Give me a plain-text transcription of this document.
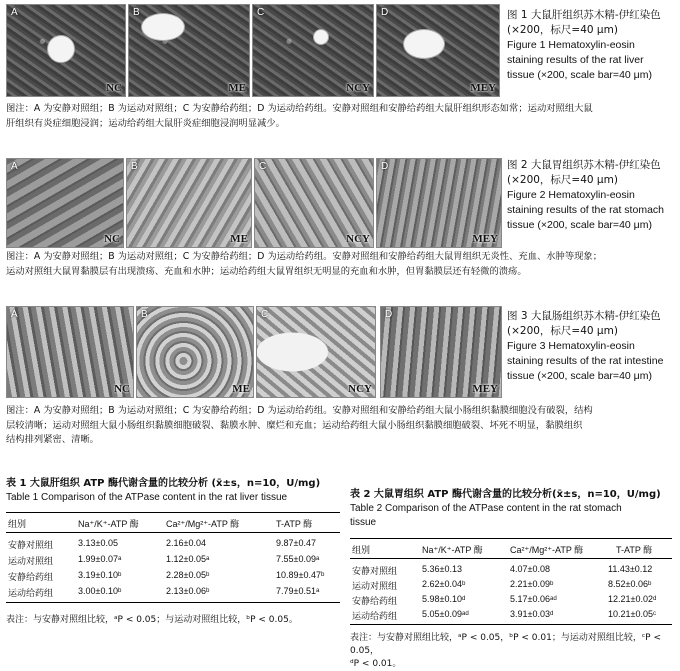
A
NC
B
ME
C
NCY
D
MEY
图 1 大鼠肝组织苏木精-伊红染色
(×200，标尺=40 μm)
Figure 1 Hematoxylin-eosin
staining results of the rat liver
tissue (×200, scale bar=40 μm)
图注：A 为安静对照组；B 为运动对照组；C 为安静给药组；D 为运动给药组。安静对照组和安静给药组大鼠肝组织形态如常；运动对照组大鼠
肝组织有炎症细胞浸润；运动给药组大鼠肝炎症细胞浸润明显减少。
A
NC
B
ME
C
NCY
D
MEY
图 2 大鼠胃组织苏木精-伊红染色
(×200，标尺=40 μm)
Figure 2 Hematoxylin-eosin
staining results of the rat stomach
tissue (×200, scale bar=40 μm)
图注：A 为安静对照组；B 为运动对照组；C 为安静给药组；D 为运动给药组。安静对照组和安静给药组大鼠胃组织无炎性、充血、水肿等现象；
运动对照组大鼠胃黏膜层有出现溃疡、充血和水肿；运动给药组大鼠胃组织无明显的充血和水肿，但胃黏膜层还有轻微的溃疡。
A
NC
B
ME
C
NCY
D
MEY
图 3 大鼠肠组织苏木精-伊红染色
(×200，标尺=40 μm)
Figure 3 Hematoxylin-eosin
staining results of the rat intestine
tissue (×200, scale bar=40 μm)
图注：A 为安静对照组；B 为运动对照组；C 为安静给药组；D 为运动给药组。安静对照组和安静给药组大鼠小肠组织黏膜细胞没有破裂，结构
层较清晰；运动对照组大鼠小肠组织黏膜细胞破裂、黏膜水肿、糜烂和充血；运动给药组大鼠小肠组织黏膜细胞破裂、坏死不明显，黏膜组织
结构排列紧密、清晰。
表 1 大鼠肝组织 ATP 酶代谢含量的比较分析 (x̄±s，n=10，U/mg)
Table 1 Comparison of the ATPase content in the rat liver tissue
组别	Na⁺/K⁺-ATP 酶	Ca²⁺/Mg²⁺-ATP 酶	T-ATP 酶
安静对照组	3.13±0.05	2.16±0.04	9.87±0.47
运动对照组	1.99±0.07ᵃ	1.12±0.05ᵃ	7.55±0.09ᵃ
安静给药组	3.19±0.10ᵇ	2.28±0.05ᵇ	10.89±0.47ᵇ
运动给药组	3.00±0.10ᵇ	2.13±0.06ᵇ	7.79±0.51ᵃ
表注：与安静对照组比较，ᵃP < 0.05；与运动对照组比较，ᵇP < 0.05。
表 2 大鼠胃组织 ATP 酶代谢含量的比较分析(x̄±s，n=10，U/mg)
Table 2 Comparison of the ATPase content in the rat stomach
tissue
组别	Na⁺/K⁺-ATP 酶	Ca²⁺/Mg²⁺-ATP 酶	T-ATP 酶
安静对照组	5.36±0.13	4.07±0.08	11.43±0.12
运动对照组	2.62±0.04ᵇ	2.21±0.09ᵇ	8.52±0.06ᵇ
安静给药组	5.98±0.10ᵈ	5.17±0.06ᵃᵈ	12.21±0.02ᵈ
运动给药组	5.05±0.09ᵃᵈ	3.91±0.03ᵈ	10.21±0.05ᶜ
表注：与安静对照组比较，ᵃP < 0.05，ᵇP < 0.01；与运动对照组比较，ᶜP < 0.05，
ᵈP < 0.01。
